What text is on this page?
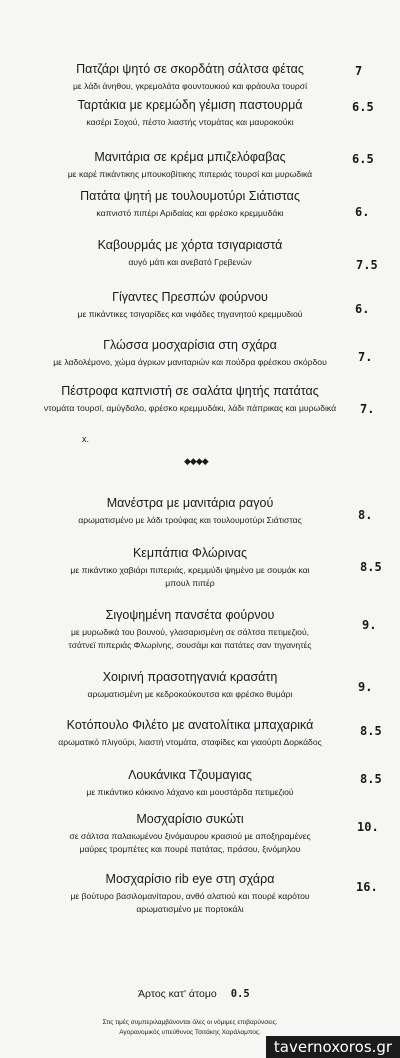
Πατζάρι ψητό σε σκορδάτη σάλτσα φέτας
με λάδι άνηθου, γκρεμολάτα φουντουκιού και φράουλα τουρσί
7
Ταρτάκια με κρεμώδη γέμιση παστουρμά
κασέρι Σοχού, πέστο λιαστής ντομάτας και μαυροκούκι
6.5
Μανιτάρια σε κρέμα μπιζελόφαβας
με καρέ πικάντικης μπουκοβίτικης πιπεριάς τουρσί και μυρωδικά
6.5
Πατάτα ψητή με τουλουμοτύρι Σιάτιστας
καπνιστό πιπέρι Αριδαίας και φρέσκο κρεμμυδάκι	6.
Καβουρμάς με χόρτα τσιγαριαστά
αυγό μάτι και ανεβατό Γρεβενών	7.5
Γίγαντες Πρεσπών φούρνου
με πικάντικες τσιγαρίδες και νιφάδες τηγανητού κρεμμυδιού	6.
Γλώσσα μοσχαρίσια στη σχάρα
με λαδολέμονο, χώμα άγριων μανιταριών και πούδρα φρέσκου σκόρδου	7.
Πέστροφα καπνιστή σε σαλάτα ψητής πατάτας
ντομάτα τουρσί, αμύγδαλο, φρέσκο κρεμμυδάκι, λάδι πάπρικας και μυρωδικά	7.
x.
◆◆◆◆
Μανέστρα με μανιτάρια ραγού
αρωματισμένο με λάδι τρούφας και τουλουμοτύρι Σιάτιστας	8.
Κεμπάπια Φλώρινας
με πικάντικο χαβιάρι πιπεριάς, κρεμμύδι ψημένο με σουμάκ και
μπουλ πιπέρ
8.5
Σιγοψημένη πανσέτα φούρνου
με μυρωδικά του βουνού, γλασαρισμένη σε σάλτσα πετιμεζιού,
τσάτνεϊ πιπεριάς Φλωρίνης, σουσάμι και πατάτες σαν τηγανητές
9.
Χοιρινή πρασοτηγανιά κρασάτη
αρωματισμένη με κεδροκούκουτσα και φρέσκο θυμάρι	9.
Κοτόπουλο Φιλέτο με ανατολίτικα μπαχαρικά
αρωματικό πλιγούρι, λιαστή ντομάτα, σταφίδες και γιαούρτι Δορκάδος
8.5
Λουκάνικα Τζουμαγιας
με πικάντικο κόκκινο λάχανο και μουστάρδα πετιμεζιού
8.5
Μοσχαρίσιο συκώτι
σε σάλτσα παλαιωμένου ξινόμαυρου κρασιού με αποξηραμένες
μαύρες τρομπέτες και πουρέ πατάτας, πράσου, ξινόμηλου
10.
Μοσχαρίσιο rib eye στη σχάρα
με βούτυρο βασιλομανίταρου, ανθό αλατιού και πουρέ καρότου
αρωματισμένο με πορτοκάλι
16.
Άρτος κατ' άτομο 0.5
Στις τιμές συμπεριλαμβάνονται όλες οι νόμιμες επιβαρύνσεις.
Αγορανομικός υπεύθυνος Τσιτάκης Χαράλαμπος.
tavernoxoros.gr
